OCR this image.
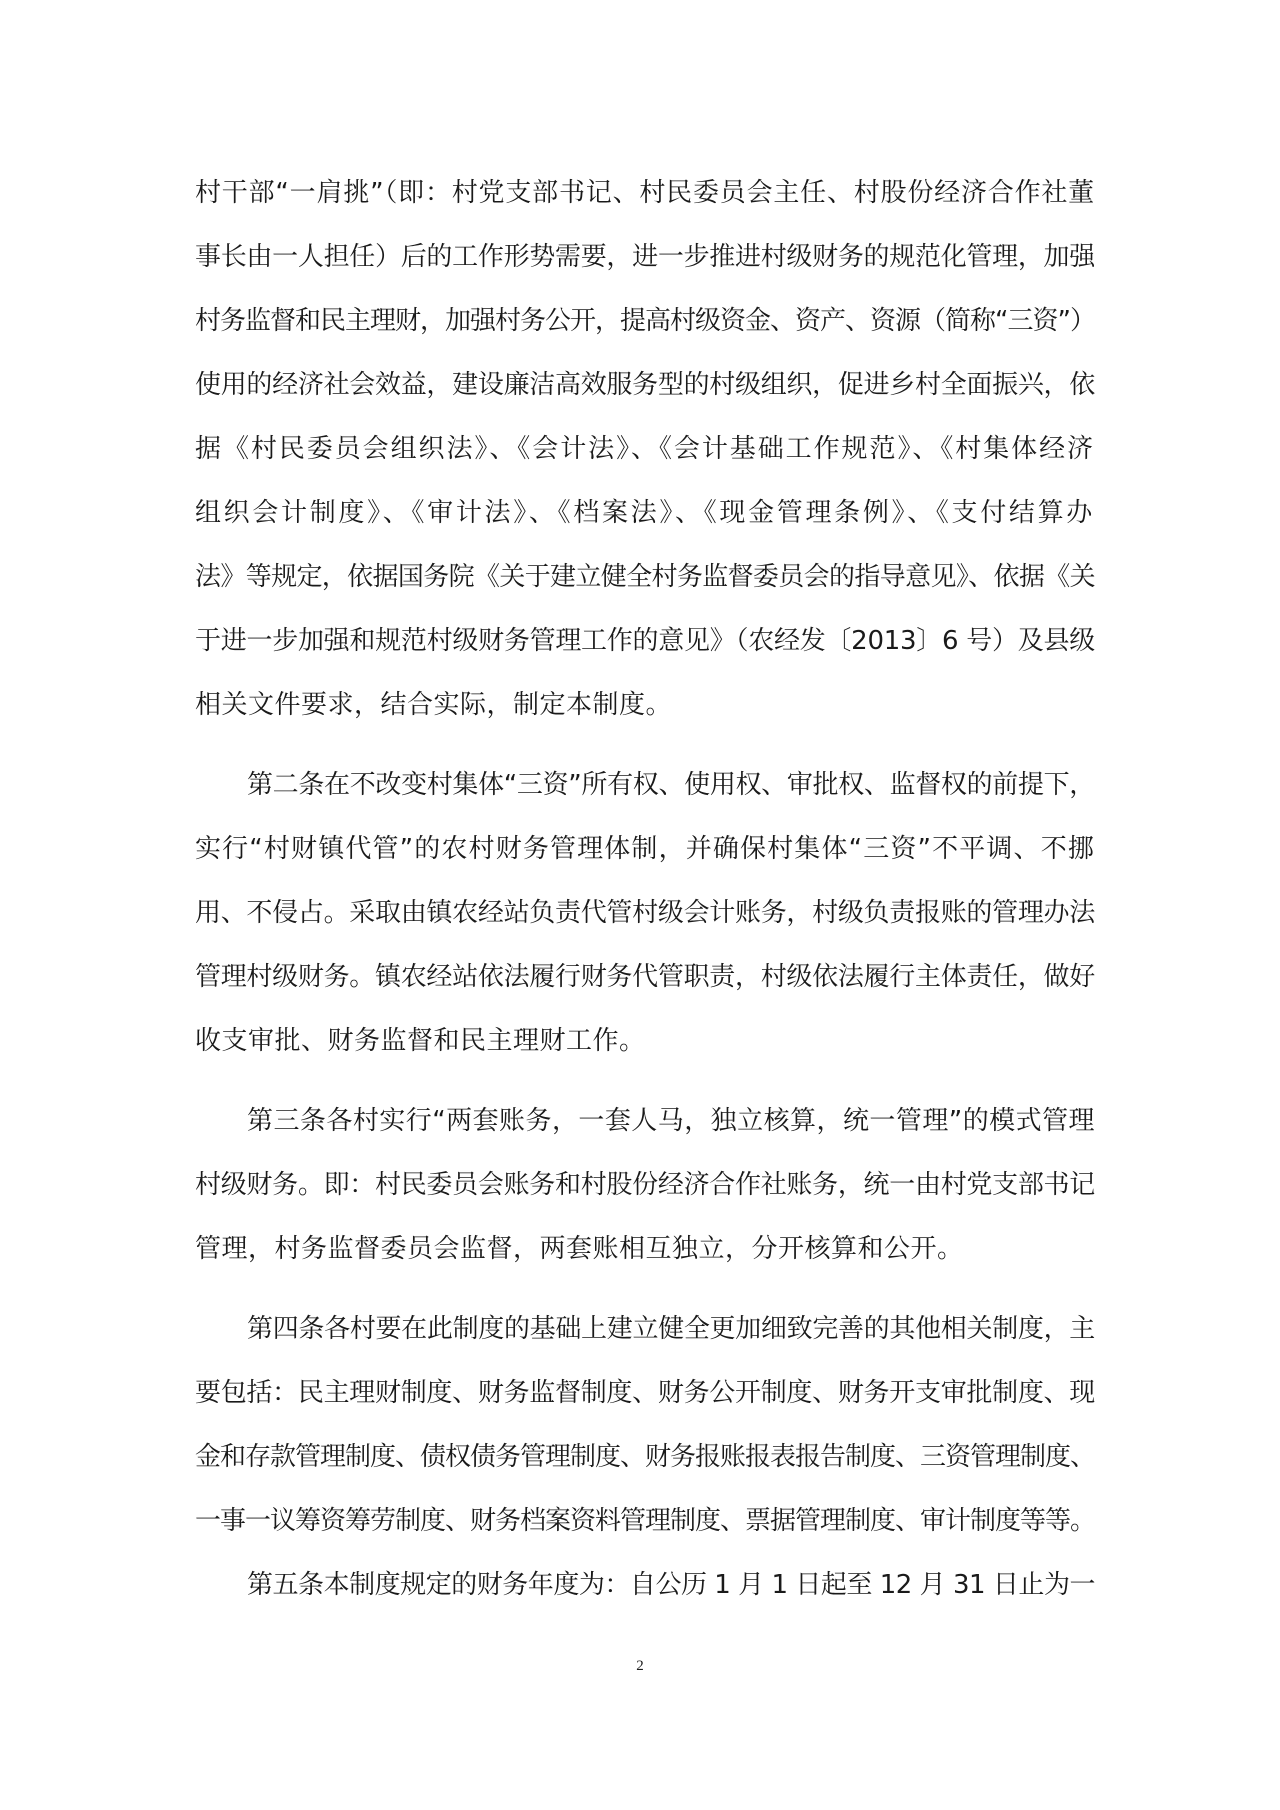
村干部“一肩挑”（即：村党支部书记、村民委员会主任、村股份经济合作社董
事长由一人担任）后的工作形势需要，进一步推进村级财务的规范化管理，加强
村务监督和民主理财，加强村务公开，提高村级资金、资产、资源（简称“三资”）
使用的经济社会效益，建设廉洁高效服务型的村级组织，促进乡村全面振兴，依
据《村民委员会组织法》、《会计法》、《会计基础工作规范》、《村集体经济
组织会计制度》、《审计法》、《档案法》、《现金管理条例》、《支付结算办
法》等规定，依据国务院《关于建立健全村务监督委员会的指导意见》、依据《关
于进一步加强和规范村级财务管理工作的意见》（农经发〔2013〕6 号）及县级
相关文件要求，结合实际，制定本制度。
第二条在不改变村集体“三资”所有权、使用权、审批权、监督权的前提下，
实行“村财镇代管”的农村财务管理体制，并确保村集体“三资”不平调、不挪
用、不侵占。采取由镇农经站负责代管村级会计账务，村级负责报账的管理办法
管理村级财务。镇农经站依法履行财务代管职责，村级依法履行主体责任，做好
收支审批、财务监督和民主理财工作。
第三条各村实行“两套账务，一套人马，独立核算，统一管理”的模式管理
村级财务。即：村民委员会账务和村股份经济合作社账务，统一由村党支部书记
管理，村务监督委员会监督，两套账相互独立，分开核算和公开。
第四条各村要在此制度的基础上建立健全更加细致完善的其他相关制度，主
要包括：民主理财制度、财务监督制度、财务公开制度、财务开支审批制度、现
金和存款管理制度、债权债务管理制度、财务报账报表报告制度、三资管理制度、
一事一议筹资筹劳制度、财务档案资料管理制度、票据管理制度、审计制度等等。
第五条本制度规定的财务年度为：自公历 1 月 1 日起至 12 月 31 日止为一
2
